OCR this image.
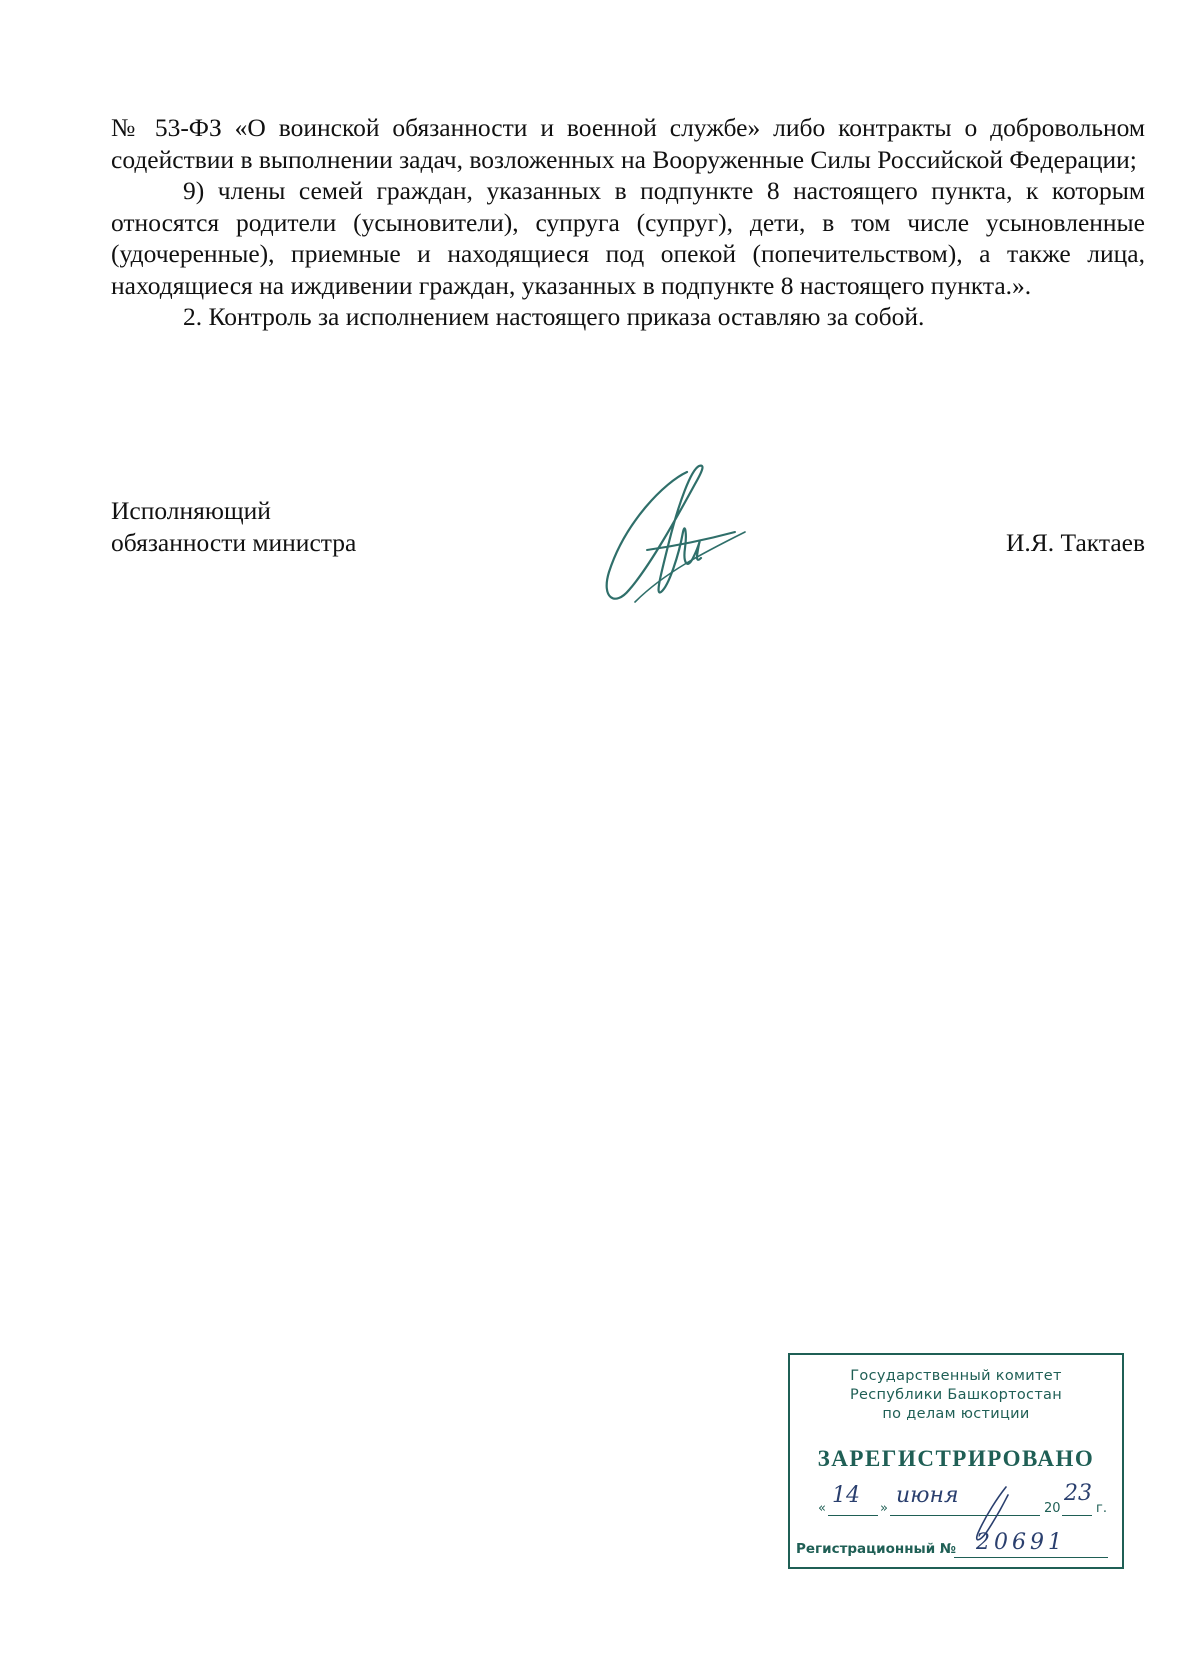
№ 53-ФЗ «О воинской обязанности и военной службе» либо контракты о добровольном содействии в выполнении задач, возложенных на Вооруженные Силы Российской Федерации;

9) члены семей граждан, указанных в подпункте 8 настоящего пункта, к которым относятся родители (усыновители), супруга (супруг), дети, в том числе усыновленные (удочеренные), приемные и находящиеся под опекой (попечительством), а также лица, находящиеся на иждивении граждан, указанных в подпункте 8 настоящего пункта.».

2. Контроль за исполнением настоящего приказа оставляю за собой.

Исполняющий
обязанности министра	И.Я. Тактаев
Государственный комитет
Республики Башкортостан
по делам юстиции
ЗАРЕГИСТРИРОВАНО
«
14
»
июня
20
23
г.
Регистрационный № 20691
